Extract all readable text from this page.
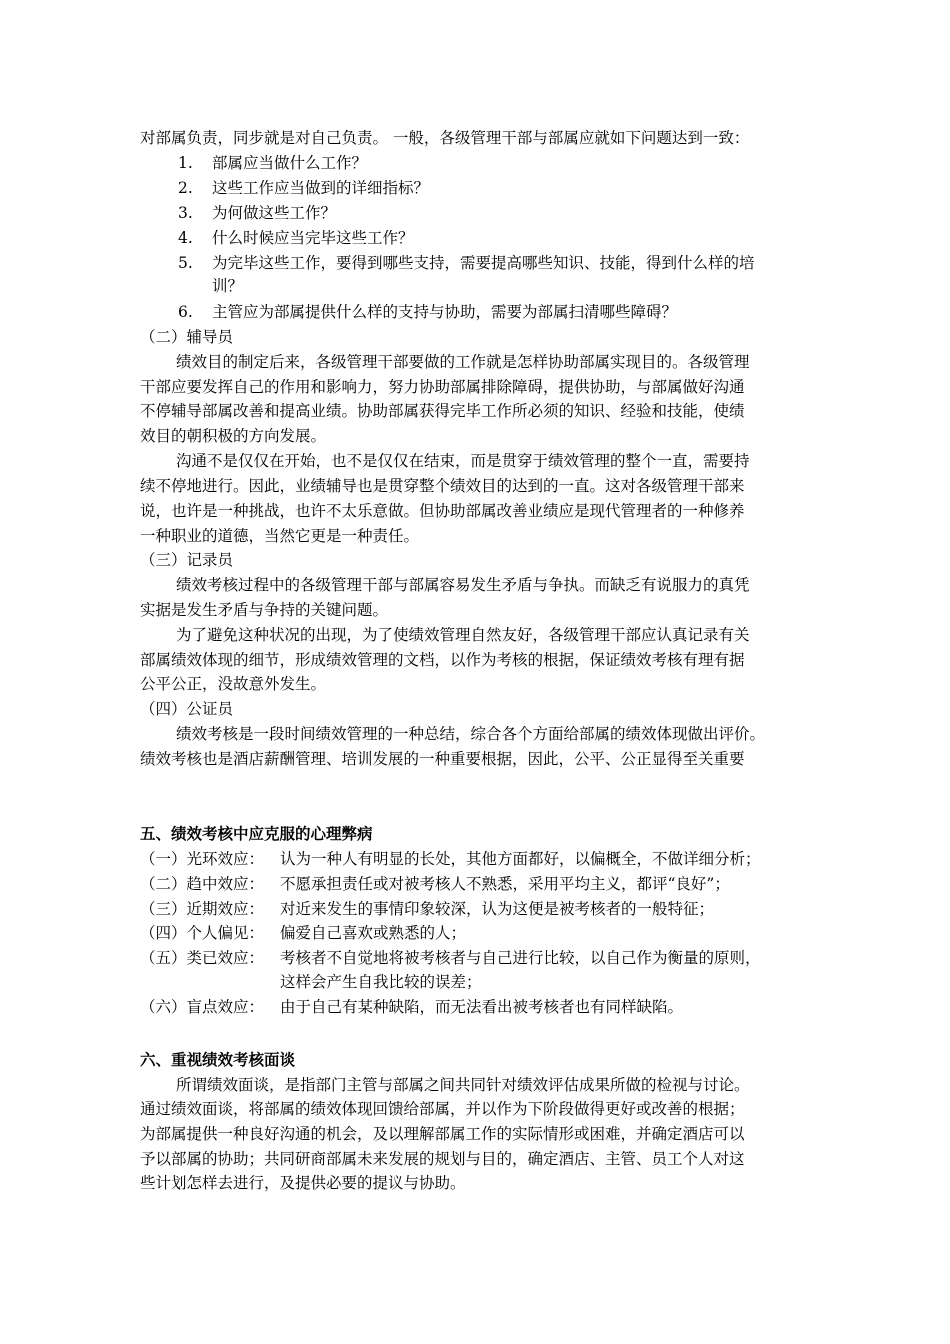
对部属负责，同步就是对自己负责。 一般，各级管理干部与部属应就如下问题达到一致：
1. 部属应当做什么工作？
2. 这些工作应当做到的详细指标？
3. 为何做这些工作？
4. 什么时候应当完毕这些工作？
5. 为完毕这些工作，要得到哪些支持，需要提高哪些知识、技能，得到什么样的培
训？
6. 主管应为部属提供什么样的支持与协助，需要为部属扫清哪些障碍？
（二）辅导员
绩效目的制定后来，各级管理干部要做的工作就是怎样协助部属实现目的。各级管理
干部应要发挥自己的作用和影响力，努力协助部属排除障碍，提供协助，与部属做好沟通
不停辅导部属改善和提高业绩。协助部属获得完毕工作所必须的知识、经验和技能，使绩
效目的朝积极的方向发展。
沟通不是仅仅在开始，也不是仅仅在结束，而是贯穿于绩效管理的整个一直，需要持
续不停地进行。因此，业绩辅导也是贯穿整个绩效目的达到的一直。这对各级管理干部来
说，也许是一种挑战，也许不太乐意做。但协助部属改善业绩应是现代管理者的一种修养
一种职业的道德，当然它更是一种责任。
（三）记录员
绩效考核过程中的各级管理干部与部属容易发生矛盾与争执。而缺乏有说服力的真凭
实据是发生矛盾与争持的关键问题。
为了避免这种状况的出现，为了使绩效管理自然友好，各级管理干部应认真记录有关
部属绩效体现的细节，形成绩效管理的文档，以作为考核的根据，保证绩效考核有理有据
公平公正，没故意外发生。
（四）公证员
绩效考核是一段时间绩效管理的一种总结，综合各个方面给部属的绩效体现做出评价。
绩效考核也是酒店薪酬管理、培训发展的一种重要根据，因此，公平、公正显得至关重要
五、绩效考核中应克服的心理弊病
（一）光环效应： 认为一种人有明显的长处，其他方面都好，以偏概全，不做详细分析；
（二）趋中效应： 不愿承担责任或对被考核人不熟悉，采用平均主义，都评“良好”；
（三）近期效应： 对近来发生的事情印象较深，认为这便是被考核者的一般特征；
（四）个人偏见： 偏爱自己喜欢或熟悉的人；
（五）类已效应： 考核者不自觉地将被考核者与自己进行比较，以自己作为衡量的原则，
这样会产生自我比较的误差；
（六）盲点效应： 由于自己有某种缺陷，而无法看出被考核者也有同样缺陷。
六、重视绩效考核面谈
所谓绩效面谈，是指部门主管与部属之间共同针对绩效评估成果所做的检视与讨论。
通过绩效面谈，将部属的绩效体现回馈给部属，并以作为下阶段做得更好或改善的根据；
为部属提供一种良好沟通的机会，及以理解部属工作的实际情形或困难，并确定酒店可以
予以部属的协助；共同研商部属未来发展的规划与目的，确定酒店、主管、员工个人对这
些计划怎样去进行，及提供必要的提议与协助。
